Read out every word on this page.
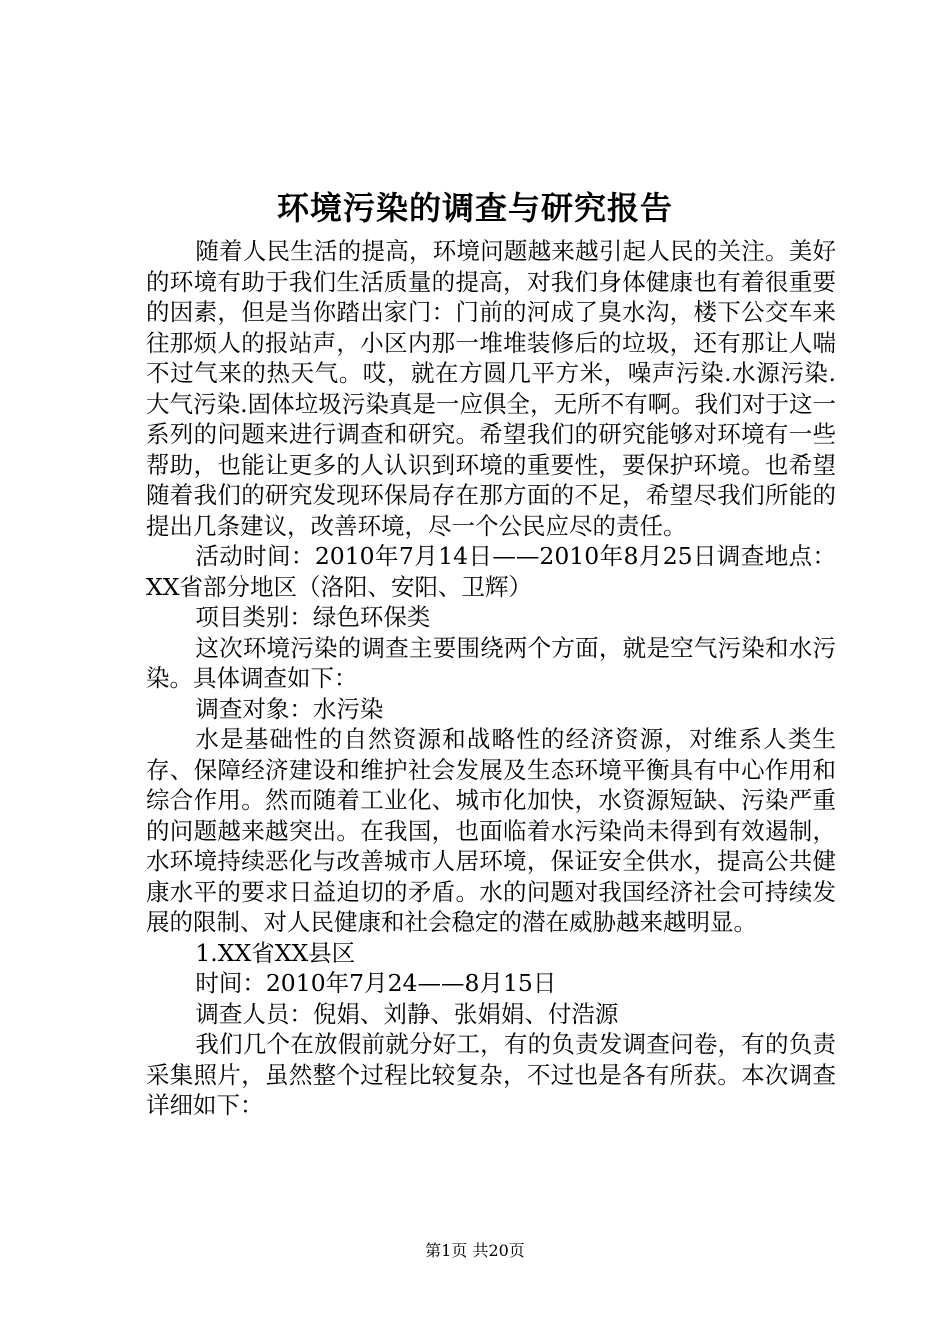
环境污染的调查与研究报告

随着人民生活的提高，环境问题越来越引起人民的关注。美好的环境有助于我们生活质量的提高，对我们身体健康也有着很重要的因素，但是当你踏出家门：门前的河成了臭水沟，楼下公交车来往那烦人的报站声，小区内那一堆堆装修后的垃圾，还有那让人喘不过气来的热天气。哎，就在方圆几平方米，噪声污染.水源污染.大气污染.固体垃圾污染真是一应俱全，无所不有啊。我们对于这一系列的问题来进行调查和研究。希望我们的研究能够对环境有一些帮助，也能让更多的人认识到环境的重要性，要保护环境。也希望随着我们的研究发现环保局存在那方面的不足，希望尽我们所能的提出几条建议，改善环境，尽一个公民应尽的责任。

活动时间：2010年7月14日——2010年8月25日调查地点：XX省部分地区（洛阳、安阳、卫辉）

项目类别：绿色环保类

这次环境污染的调查主要围绕两个方面，就是空气污染和水污染。具体调查如下：

调查对象：水污染

水是基础性的自然资源和战略性的经济资源，对维系人类生存、保障经济建设和维护社会发展及生态环境平衡具有中心作用和综合作用。然而随着工业化、城市化加快，水资源短缺、污染严重的问题越来越突出。在我国，也面临着水污染尚未得到有效遏制，水环境持续恶化与改善城市人居环境，保证安全供水，提高公共健康水平的要求日益迫切的矛盾。水的问题对我国经济社会可持续发展的限制、对人民健康和社会稳定的潜在威胁越来越明显。

1.XX省XX县区

时间：2010年7月24——8月15日

调查人员：倪娟、刘静、张娟娟、付浩源

我们几个在放假前就分好工，有的负责发调查问卷，有的负责采集照片，虽然整个过程比较复杂，不过也是各有所获。本次调查详细如下：

第1页 共20页
